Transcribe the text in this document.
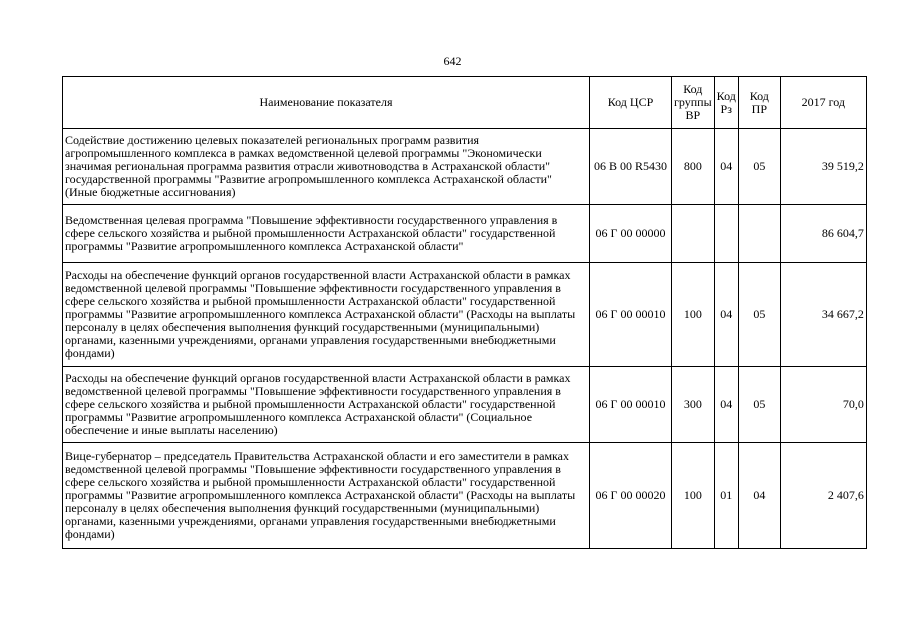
642
Наименование показателя	Код ЦСР	Код группы ВР	Код Рз	Код ПР	2017 год
Содействие достижению целевых показателей региональных программ развития агропромышленного комплекса в рамках ведомственной целевой программы "Экономически значимая региональная программа развития отрасли животноводства в Астраханской области" государственной программы "Развитие агропромышленного комплекса Астраханской области" (Иные бюджетные ассигнования)	06 В 00 R5430	800	04	05	39 519,2
Ведомственная целевая программа "Повышение эффективности государственного управления в сфере сельского хозяйства и рыбной промышленности Астраханской области" государственной программы "Развитие агропромышленного комплекса Астраханской области"	06 Г 00 00000				86 604,7
Расходы на обеспечение функций органов государственной власти Астраханской области в рамках ведомственной целевой программы "Повышение эффективности государственного управления в сфере сельского хозяйства и рыбной промышленности Астраханской области" государственной программы "Развитие агропромышленного комплекса Астраханской области" (Расходы на выплаты персоналу в целях обеспечения выполнения функций государственными (муниципальными) органами, казенными учреждениями, органами управления государственными внебюджетными фондами)	06 Г 00 00010	100	04	05	34 667,2
Расходы на обеспечение функций органов государственной власти Астраханской области в рамках ведомственной целевой программы "Повышение эффективности государственного управления в сфере сельского хозяйства и рыбной промышленности Астраханской области" государственной программы "Развитие агропромышленного комплекса Астраханской области" (Социальное обеспечение и иные выплаты населению)	06 Г 00 00010	300	04	05	70,0
Вице-губернатор – председатель Правительства Астраханской области и его заместители в рамках ведомственной целевой программы "Повышение эффективности государственного управления в сфере сельского хозяйства и рыбной промышленности Астраханской области" государственной программы "Развитие агропромышленного комплекса Астраханской области" (Расходы на выплаты персоналу в целях обеспечения выполнения функций государственными (муниципальными) органами, казенными учреждениями, органами управления государственными внебюджетными фондами)	06 Г 00 00020	100	01	04	2 407,6
